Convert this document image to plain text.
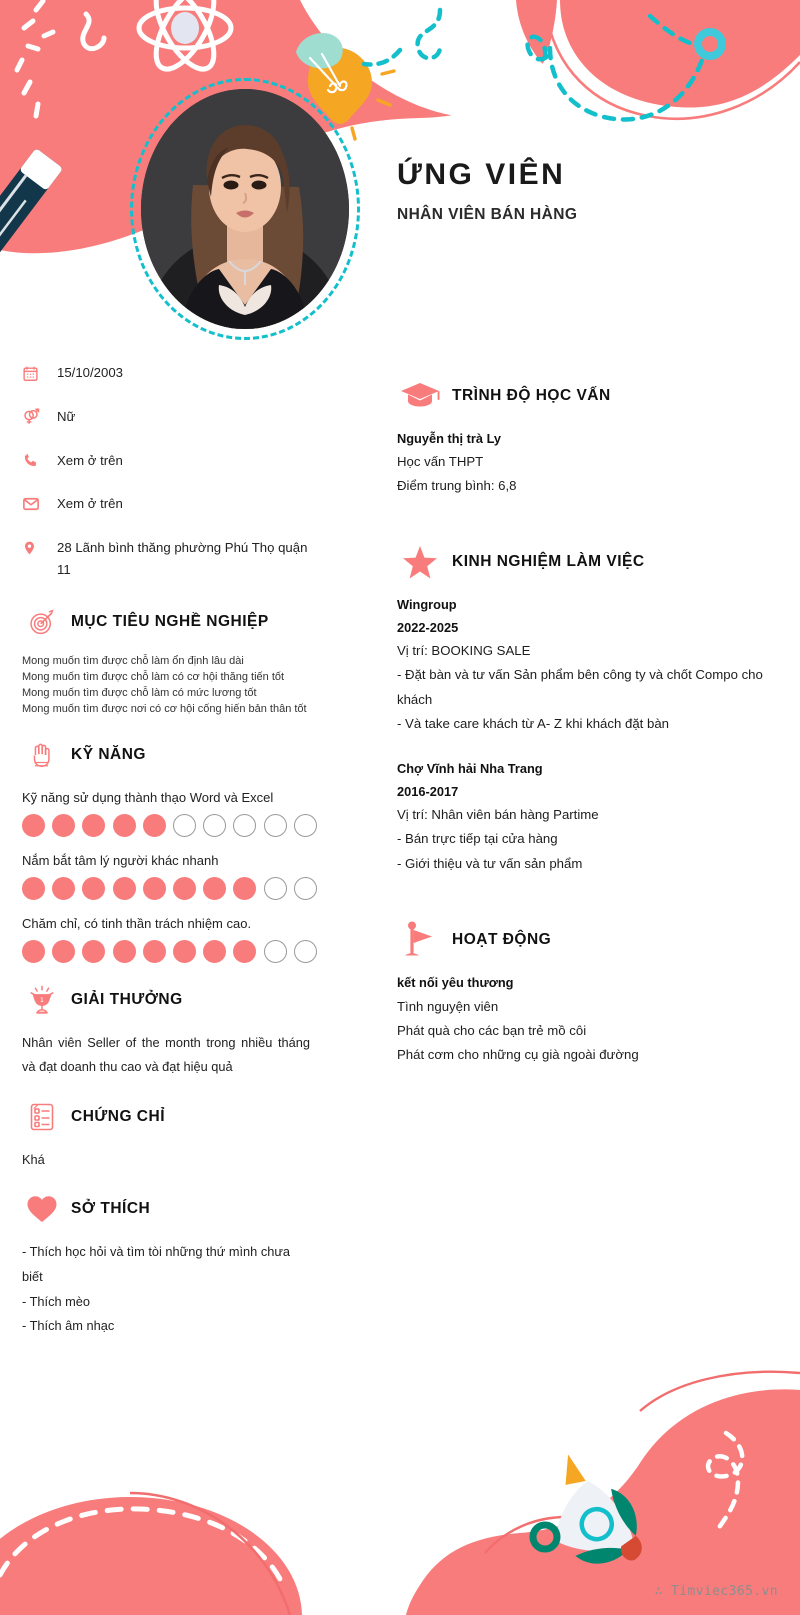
ỨNG VIÊN
NHÂN VIÊN BÁN HÀNG
15/10/2003
Nữ
Xem ở trên
Xem ở trên
28 Lãnh bình thăng phường Phú Thọ quận 11
MỤC TIÊU NGHỀ NGHIỆP
Mong muốn tìm được chỗ làm ổn định lâu dài
Mong muốn tìm được chỗ làm có cơ hội thăng tiến tốt
Mong muốn tìm được chỗ làm có mức lương tốt
Mong muốn tìm được nơi có cơ hội cống hiến bản thân tốt
KỸ NĂNG
Kỹ năng sử dụng thành thạo Word và Excel
Nắm bắt tâm lý người khác nhanh
Chăm chỉ, có tinh thần trách nhiệm cao.
1	GIẢI THƯỞNG
Nhân viên Seller of the month trong nhiều tháng và đạt doanh thu cao và đạt hiệu quả
CHỨNG CHỈ
Khá
SỞ THÍCH
- Thích học hỏi và tìm tòi những thứ mình chưa biết
- Thích mèo
- Thích âm nhạc
TRÌNH ĐỘ HỌC VẤN
Nguyễn thị trà Ly
Học vấn THPT
Điểm trung bình: 6,8
KINH NGHIỆM LÀM VIỆC
Wingroup
2022-2025
Vị trí: BOOKING SALE
- Đặt bàn và tư vấn Sản phẩm bên công ty và chốt Compo cho khách
- Và take care khách từ A- Z khi khách đặt bàn
Chợ Vĩnh hải Nha Trang
2016-2017
Vị trí: Nhân viên bán hàng Partime
- Bán trực tiếp tại cửa hàng
- Giới thiệu và tư vấn sản phẩm
HOẠT ĐỘNG
kết nối yêu thương
Tình nguyện viên
Phát quà cho các bạn trẻ mồ côi
Phát cơm cho những cụ già ngoài đường
∴ Timviec365.vn
